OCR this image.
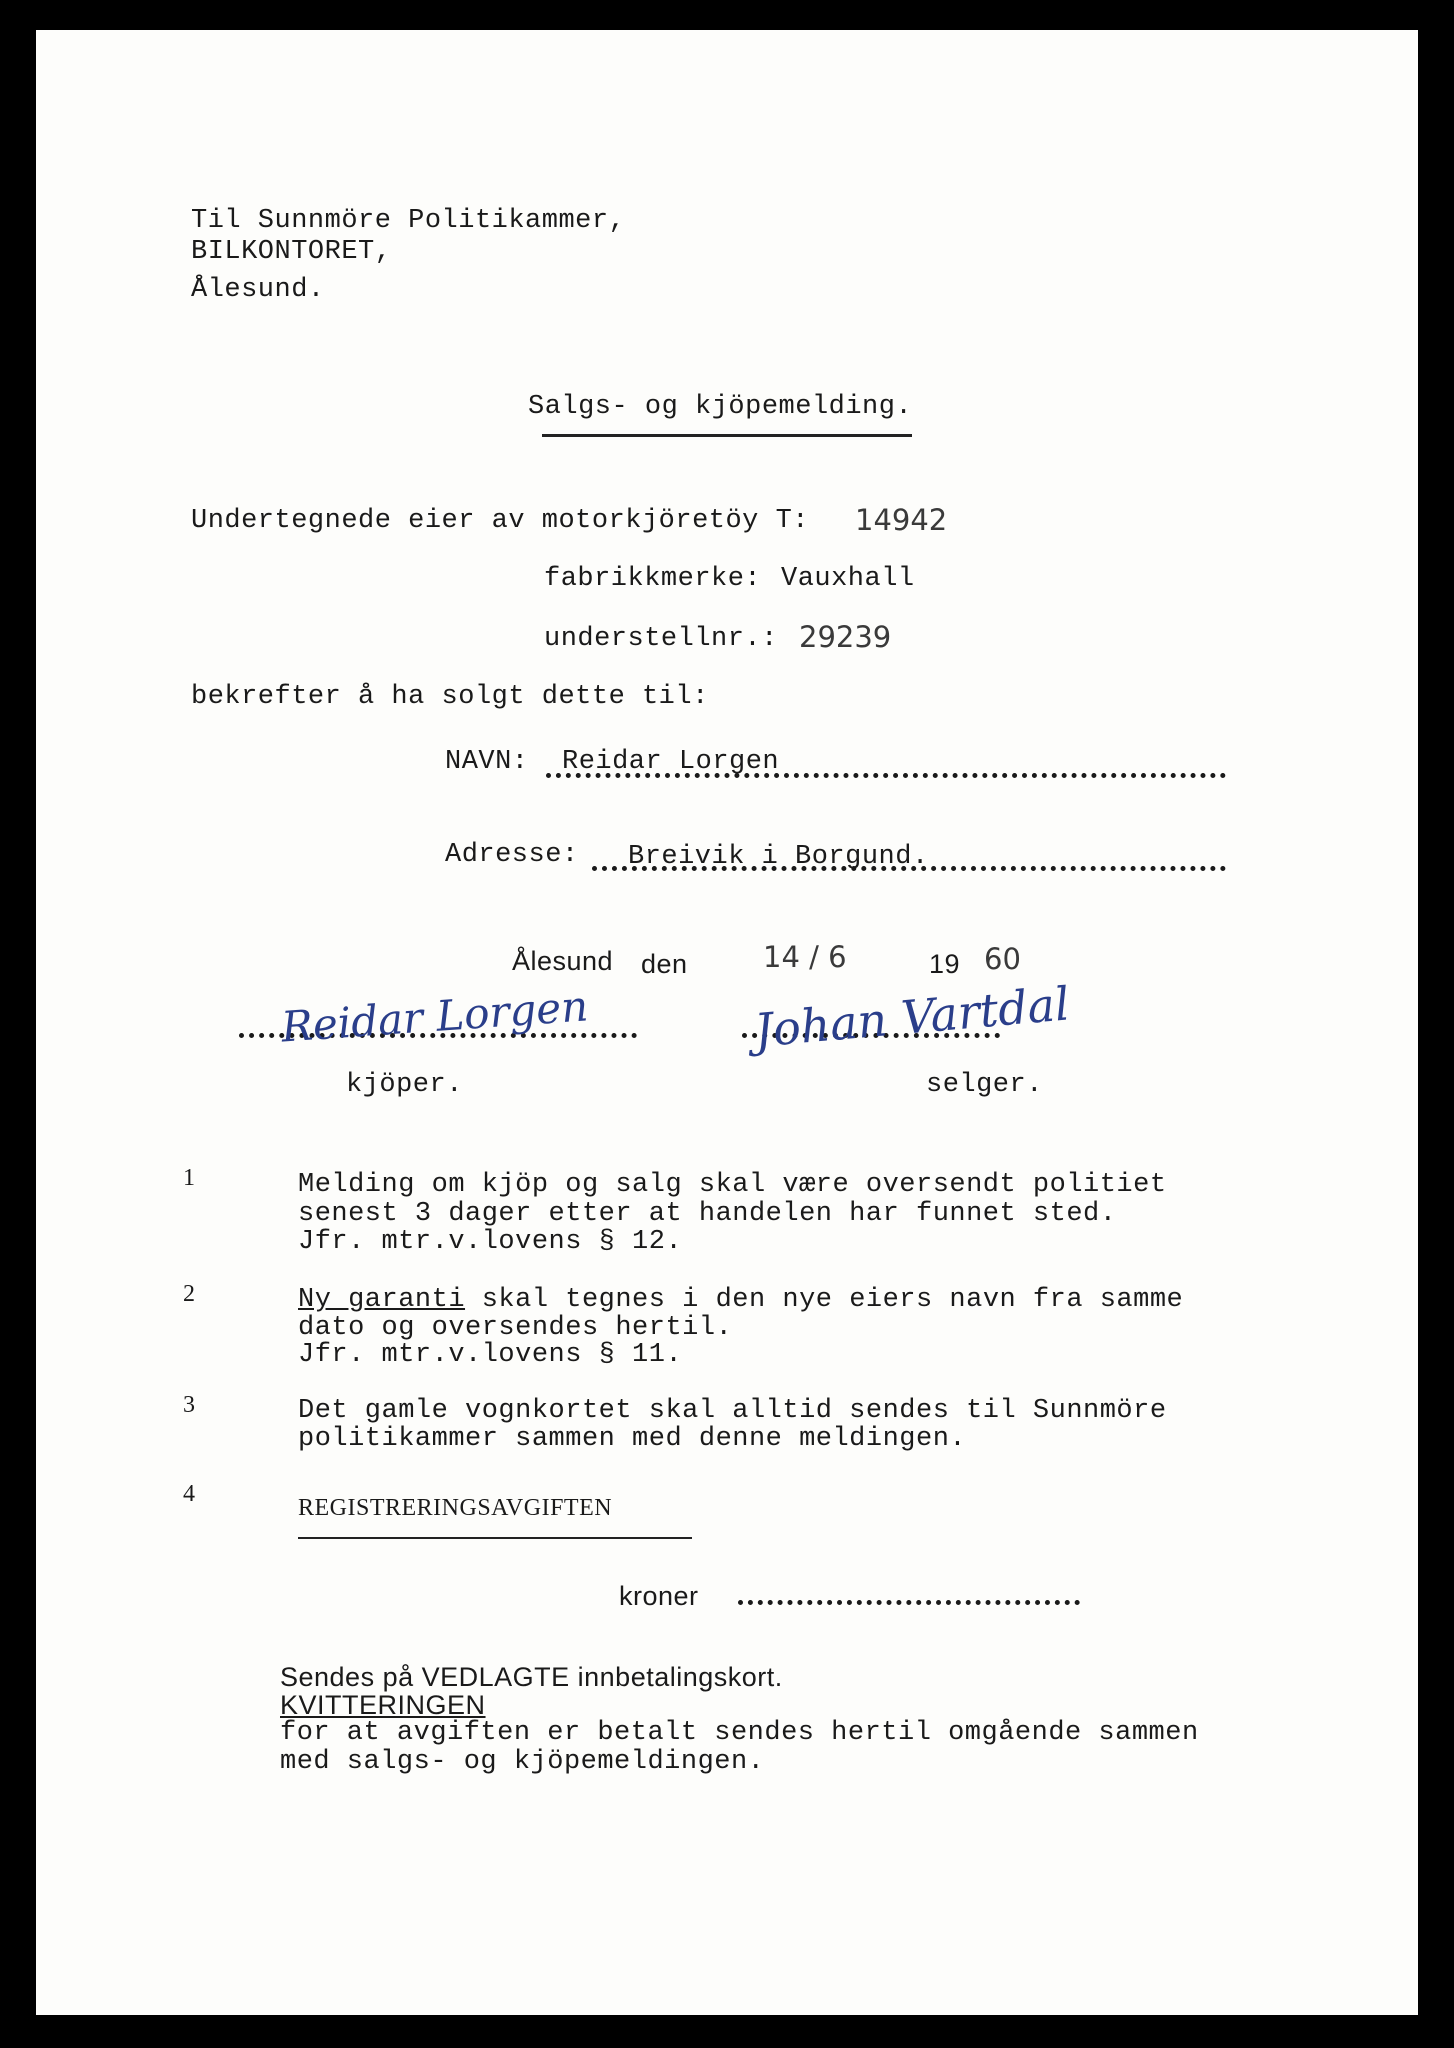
Til Sunnmöre Politikammer,
BILKONTORET,
Ålesund.
Salgs- og kjöpemelding.
Undertegnede eier av motorkjöretöy T: 14942
fabrikkmerke: Vauxhall
understellnr.: 29239
bekrefter å ha solgt dette til:
NAVN: Reidar Lorgen
Adresse: Breivik i Borgund.
Ålesund den	14 / 6	19 60
Reidar Lorgen
kjöper.
Johan Vartdal
selger.
1	Melding om kjöp og salg skal være oversendt politiet
senest 3 dager etter at handelen har funnet sted.
Jfr. mtr.v.lovens § 12.
2	Ny garanti skal tegnes i den nye eiers navn fra samme
dato og oversendes hertil.
Jfr. mtr.v.lovens § 11.
3	Det gamle vognkortet skal alltid sendes til Sunnmöre
politikammer sammen med denne meldingen.
4
REGISTRERINGSAVGIFTEN
kroner
Sendes på VEDLAGTE innbetalingskort.
KVITTERINGEN
for at avgiften er betalt sendes hertil omgående sammen
med salgs- og kjöpemeldingen.
